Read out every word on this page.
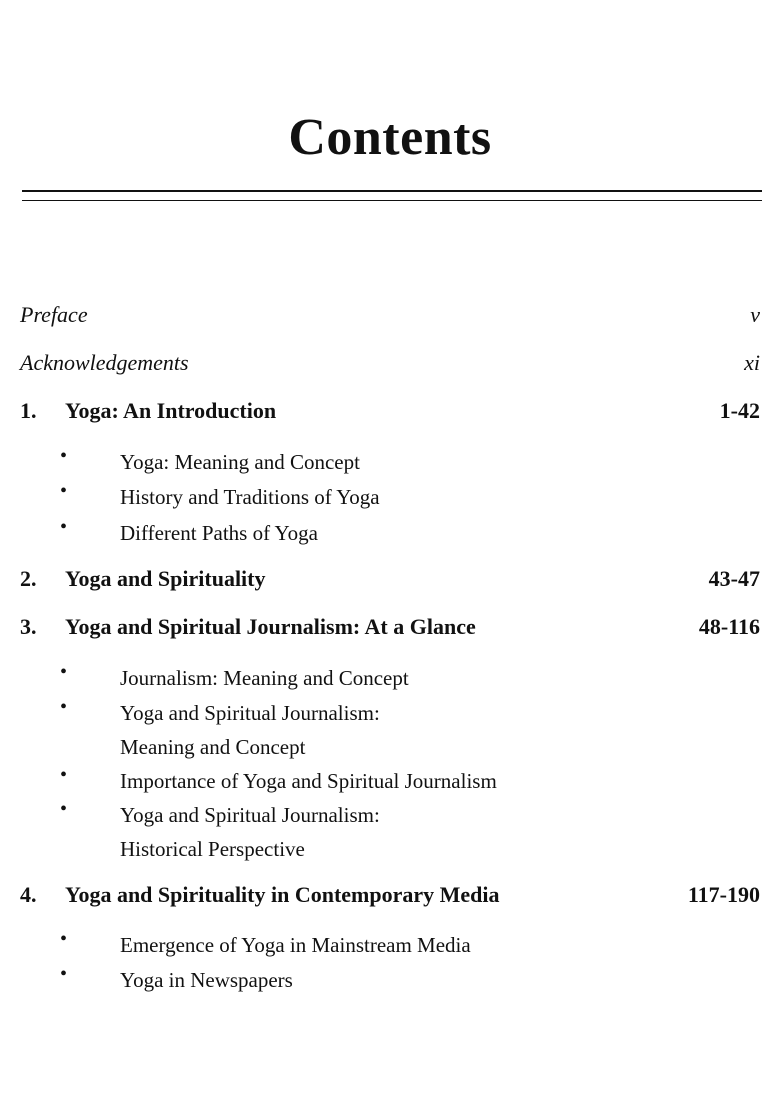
Contents
Preface	v
Acknowledgements	xi
1. Yoga: An Introduction	1-42
•	Yoga: Meaning and Concept
•	History and Traditions of Yoga
•	Different Paths of Yoga
2. Yoga and Spirituality	43-47
3. Yoga and Spiritual Journalism: At a Glance	48-116
•	Journalism: Meaning and Concept
•	Yoga and Spiritual Journalism:
Meaning and Concept
•	Importance of Yoga and Spiritual Journalism
•	Yoga and Spiritual Journalism:
Historical Perspective
4. Yoga and Spirituality in Contemporary Media	117-190
•	Emergence of Yoga in Mainstream Media
•	Yoga in Newspapers
